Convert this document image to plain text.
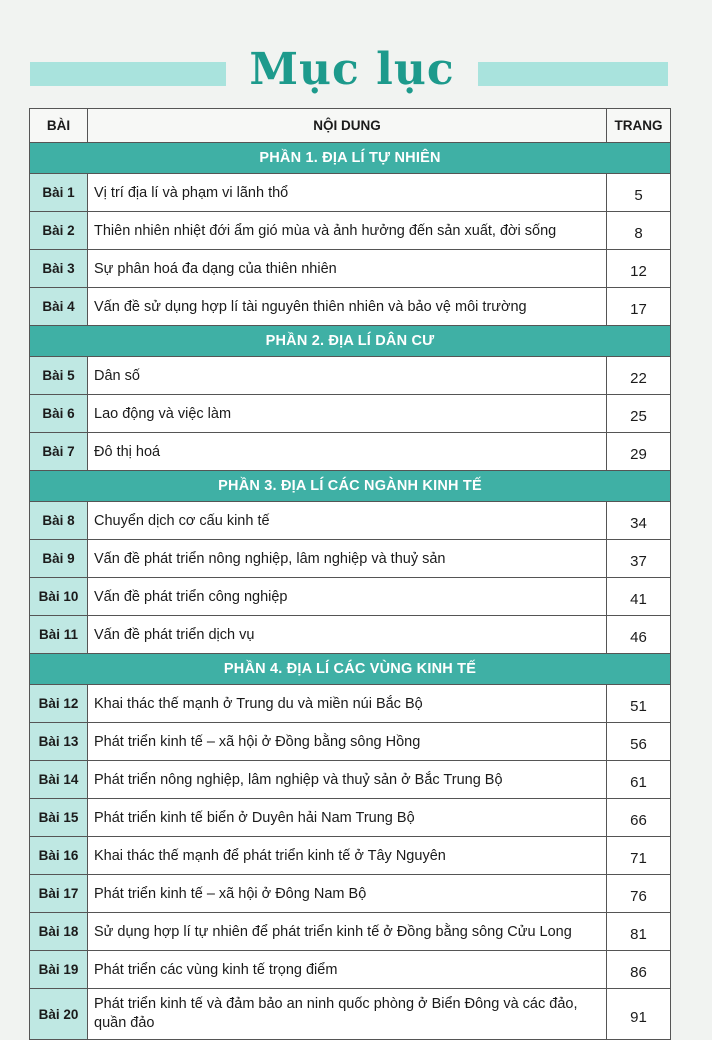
Mục lục
BÀI	NỘI DUNG	TRANG
PHẦN 1. ĐỊA LÍ TỰ NHIÊN		
Bài 1	Vị trí địa lí và phạm vi lãnh thổ	5
Bài 2	Thiên nhiên nhiệt đới ẩm gió mùa và ảnh hưởng đến sản xuất, đời sống	8
Bài 3	Sự phân hoá đa dạng của thiên nhiên	12
Bài 4	Vấn đề sử dụng hợp lí tài nguyên thiên nhiên và bảo vệ môi trường	17
PHẦN 2. ĐỊA LÍ DÂN CƯ		
Bài 5	Dân số	22
Bài 6	Lao động và việc làm	25
Bài 7	Đô thị hoá	29
PHẦN 3. ĐỊA LÍ CÁC NGÀNH KINH TẾ		
Bài 8	Chuyển dịch cơ cấu kinh tế	34
Bài 9	Vấn đề phát triển nông nghiệp, lâm nghiệp và thuỷ sản	37
Bài 10	Vấn đề phát triển công nghiệp	41
Bài 11	Vấn đề phát triển dịch vụ	46
PHẦN 4. ĐỊA LÍ CÁC VÙNG KINH TẾ		
Bài 12	Khai thác thế mạnh ở Trung du và miền núi Bắc Bộ	51
Bài 13	Phát triển kinh tế – xã hội ở Đồng bằng sông Hồng	56
Bài 14	Phát triển nông nghiệp, lâm nghiệp và thuỷ sản ở Bắc Trung Bộ	61
Bài 15	Phát triển kinh tế biển ở Duyên hải Nam Trung Bộ	66
Bài 16	Khai thác thế mạnh để phát triển kinh tế ở Tây Nguyên	71
Bài 17	Phát triển kinh tế – xã hội ở Đông Nam Bộ	76
Bài 18	Sử dụng hợp lí tự nhiên để phát triển kinh tế ở Đồng bằng sông Cửu Long	81
Bài 19	Phát triển các vùng kinh tế trọng điểm	86
Bài 20	Phát triển kinh tế và đảm bảo an ninh quốc phòng ở Biển Đông và các đảo, quần đảo	91
